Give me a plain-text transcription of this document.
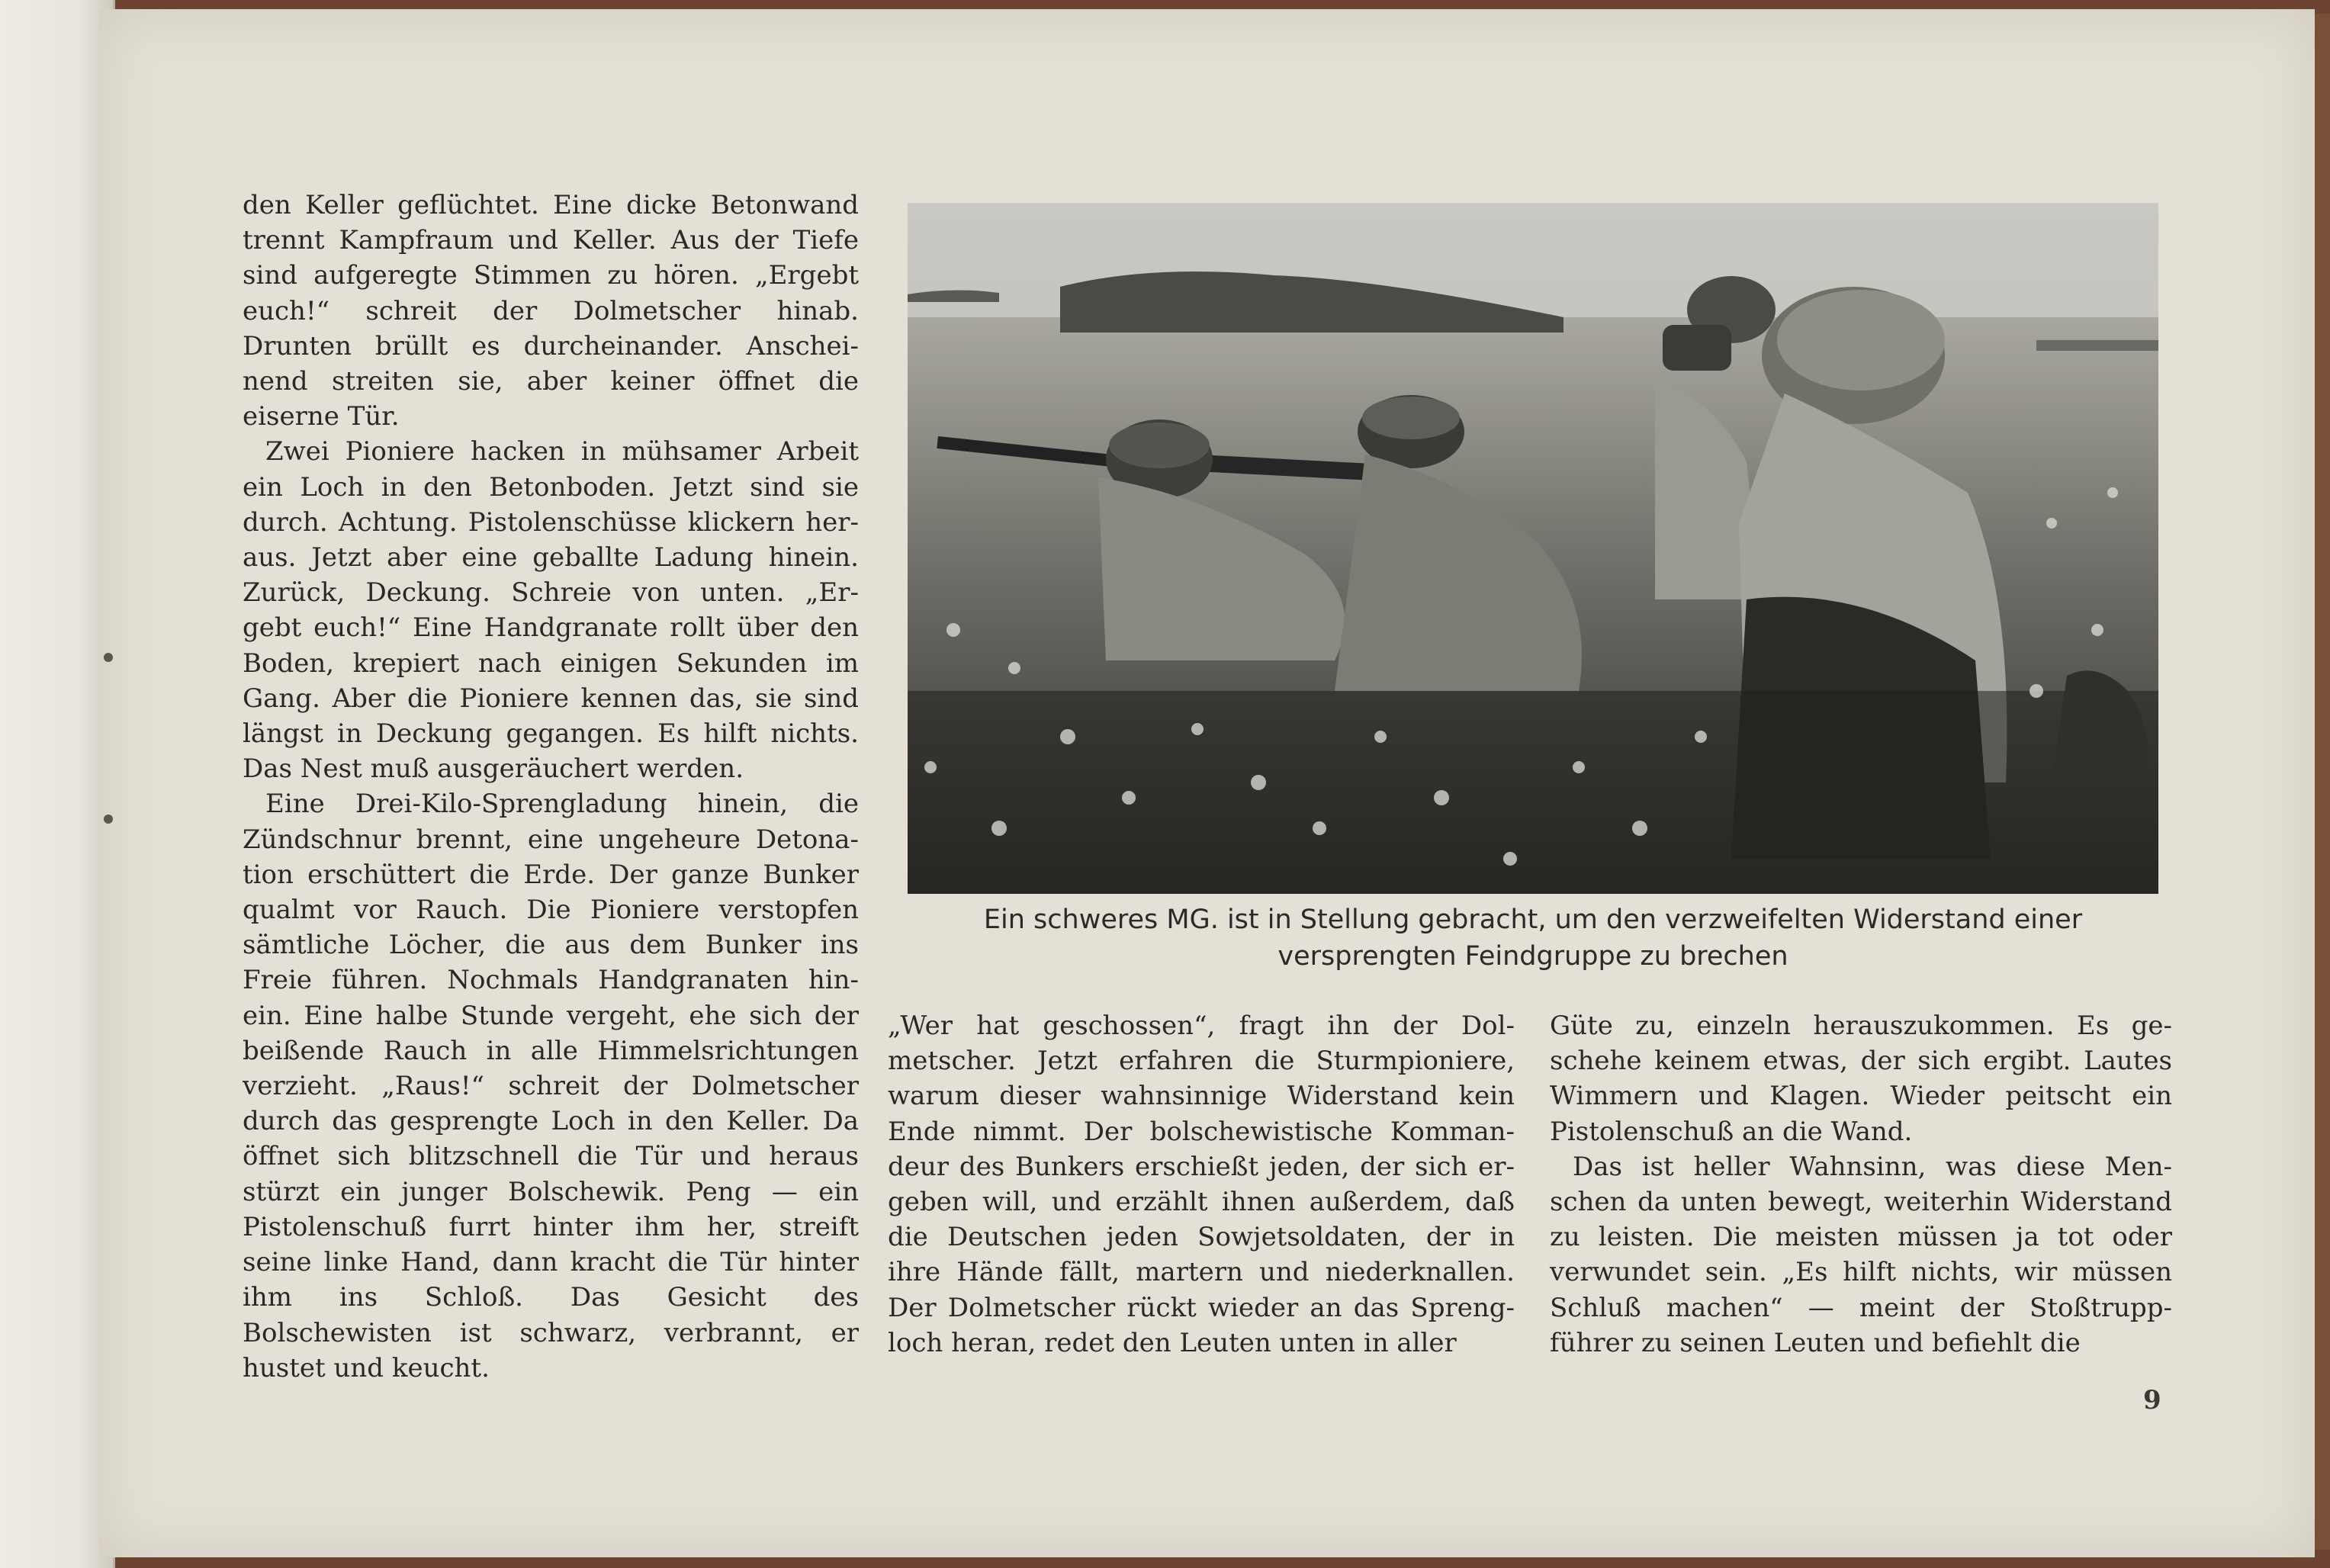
den Keller geflüchtet. Eine dicke Betonwand trennt Kampfraum und Keller. Aus der Tiefe sind aufgeregte Stimmen zu hören. „Ergebt euch!“ schreit der Dolmetscher hinab. Drunten brüllt es durcheinander. Anschei- nend streiten sie, aber keiner öffnet die eiserne Tür.

Zwei Pioniere hacken in mühsamer Arbeit ein Loch in den Betonboden. Jetzt sind sie durch. Achtung. Pistolenschüsse klickern her- aus. Jetzt aber eine geballte Ladung hinein. Zurück, Deckung. Schreie von unten. „Er- gebt euch!“ Eine Handgranate rollt über den Boden, krepiert nach einigen Sekunden im Gang. Aber die Pioniere kennen das, sie sind längst in Deckung gegangen. Es hilft nichts. Das Nest muß ausgeräuchert werden.

Eine Drei-Kilo-Sprengladung hinein, die Zündschnur brennt, eine ungeheure Detona- tion erschüttert die Erde. Der ganze Bunker qualmt vor Rauch. Die Pioniere verstopfen sämtliche Löcher, die aus dem Bunker ins Freie führen. Nochmals Handgranaten hin- ein. Eine halbe Stunde vergeht, ehe sich der beißende Rauch in alle Himmelsrichtungen verzieht. „Raus!“ schreit der Dolmetscher durch das gesprengte Loch in den Keller. Da öffnet sich blitzschnell die Tür und heraus stürzt ein junger Bolschewik. Peng — ein Pistolenschuß furrt hinter ihm her, streift seine linke Hand, dann kracht die Tür hinter ihm ins Schloß. Das Gesicht des Bolschewisten ist schwarz, verbrannt, er hustet und keucht.

Ein schweres MG. ist in Stellung gebracht, um den verzweifelten Widerstand einer
versprengten Feindgruppe zu brechen

„Wer hat geschossen“, fragt ihn der Dol- metscher. Jetzt erfahren die Sturmpioniere, warum dieser wahnsinnige Widerstand kein Ende nimmt. Der bolschewistische Komman- deur des Bunkers erschießt jeden, der sich er- geben will, und erzählt ihnen außerdem, daß die Deutschen jeden Sowjetsoldaten, der in ihre Hände fällt, martern und niederknallen. Der Dolmetscher rückt wieder an das Spreng- loch heran, redet den Leuten unten in aller

Güte zu, einzeln herauszukommen. Es ge- schehe keinem etwas, der sich ergibt. Lautes Wimmern und Klagen. Wieder peitscht ein Pistolenschuß an die Wand.

Das ist heller Wahnsinn, was diese Men- schen da unten bewegt, weiterhin Widerstand zu leisten. Die meisten müssen ja tot oder verwundet sein. „Es hilft nichts, wir müssen Schluß machen“ — meint der Stoßtrupp- führer zu seinen Leuten und befiehlt die

9
